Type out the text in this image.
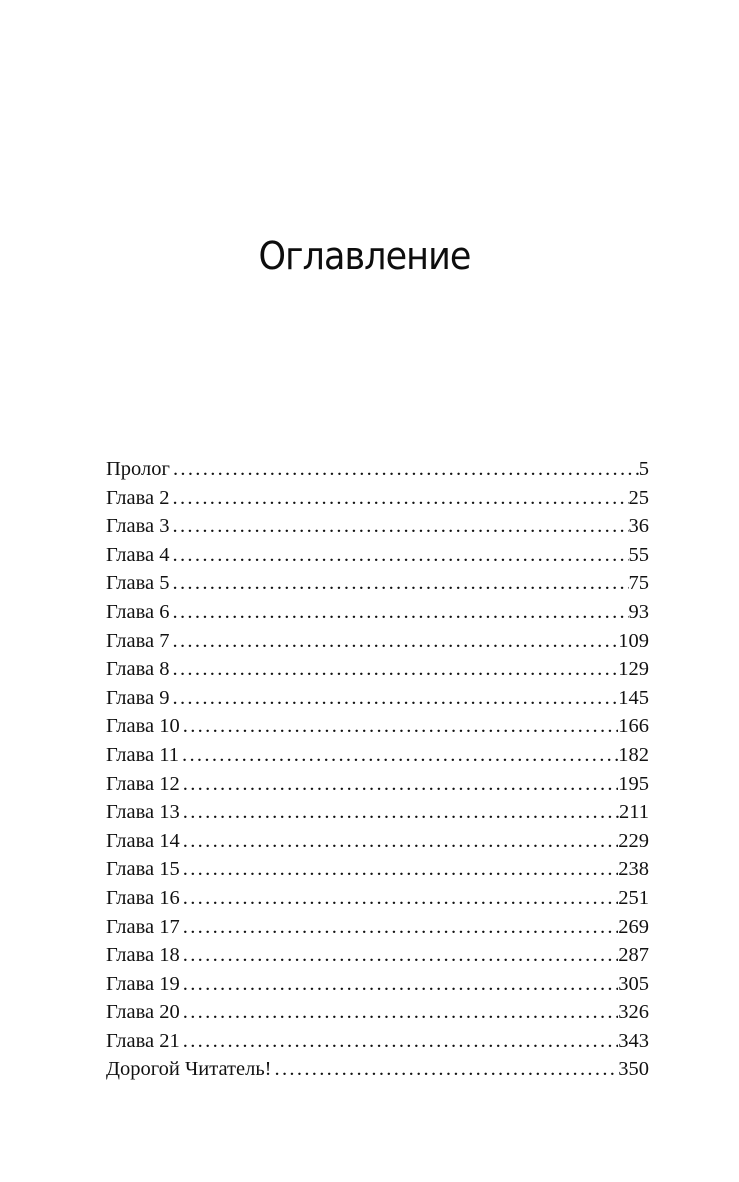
Оглавление
Пролог . . .	5
Глава 2 . . .	25
Глава 3 . . .	36
Глава 4 . . .	55
Глава 5 . . .	75
Глава 6 . . .	93
Глава 7 . . .	109
Глава 8 . . .	129
Глава 9 . . .	145
Глава 10 . . .	166
Глава 11 . . .	182
Глава 12 . . .	195
Глава 13 . . .	211
Глава 14 . . .	229
Глава 15 . . .	238
Глава 16 . . .	251
Глава 17 . . .	269
Глава 18 . . .	287
Глава 19 . . .	305
Глава 20 . . .	326
Глава 21 . . .	343
Дорогой Читатель! . . .	350
